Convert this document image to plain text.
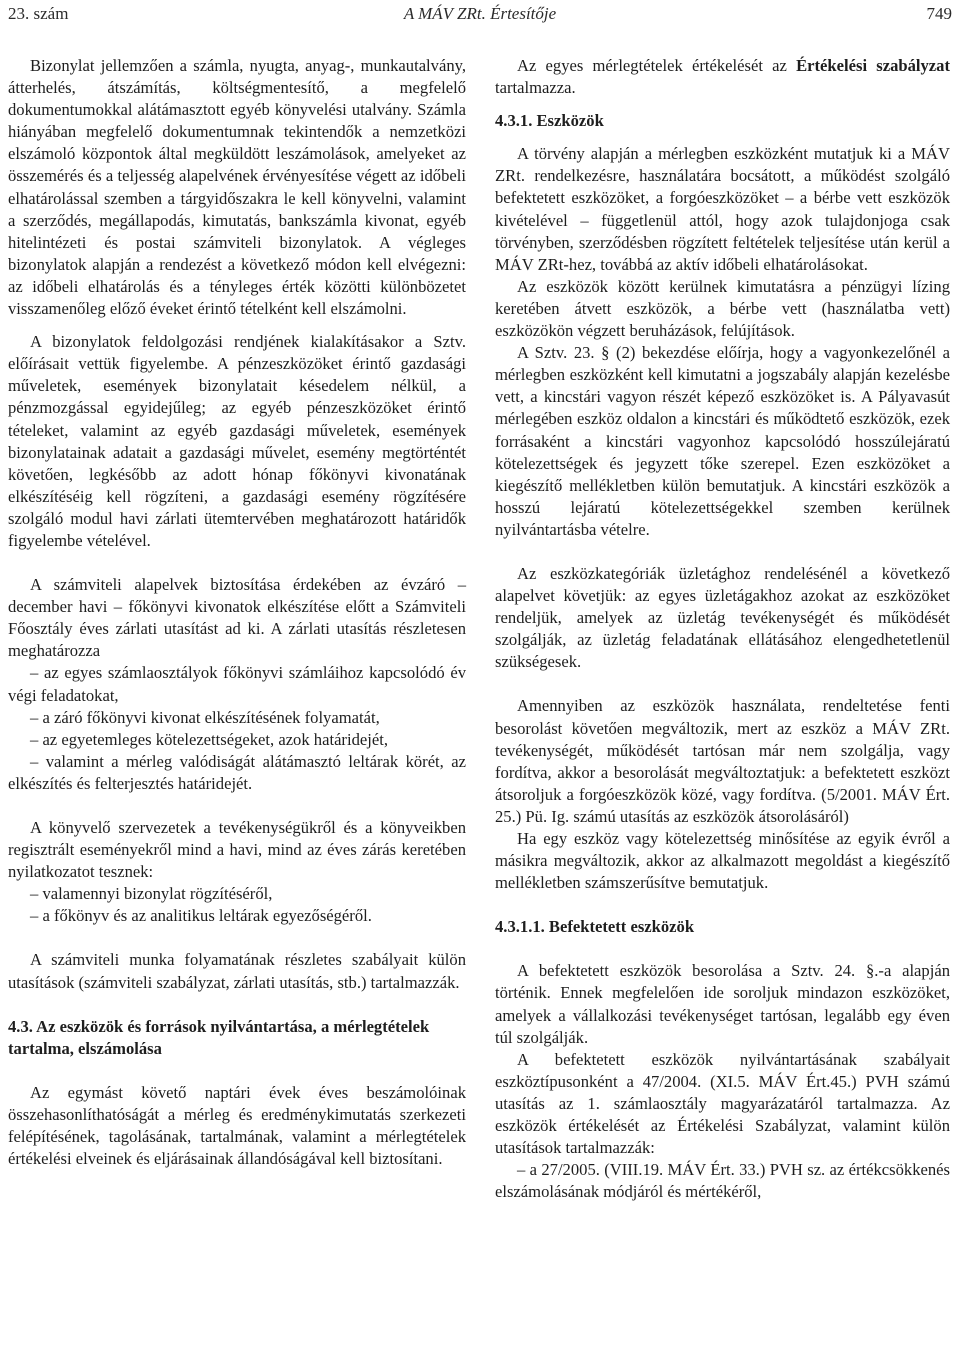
23. szám	A MÁV ZRt. Értesítője	749

Bizonylat jellemzően a számla, nyugta, anyag-, munkautalvány, átterhelés, átszámítás, költségmentesítő, a megfelelő dokumentumokkal alátámasztott egyéb könyvelési utalvány. Számla hiányában megfelelő dokumentumnak tekintendők a nemzetközi elszámoló központok által megküldött leszámolások, amelyeket az összemérés és a teljesség alapelvének érvényesítése végett az időbeli elhatárolással szemben a tárgyidőszakra le kell könyvelni, valamint a szerződés, megállapodás, kimutatás, bankszámla kivonat, egyéb hitelintézeti és postai számviteli bizonylatok. A végleges bizonylatok alapján a rendezést a következő módon kell elvégezni: az időbeli elhatárolás és a tényleges érték közötti különbözetet visszamenőleg előző éveket érintő tételként kell elszámolni.

A bizonylatok feldolgozási rendjének kialakításakor a Sztv. előírásait vettük figyelembe. A pénzeszközöket érintő gazdasági műveletek, események bizonylatait késedelem nélkül, a pénzmozgással egyidejűleg; az egyéb pénzeszközöket érintő tételeket, valamint az egyéb gazdasági műveletek, események bizonylatainak adatait a gazdasági művelet, esemény megtörténtét követően, legkésőbb az adott hónap főkönyvi kivonatának elkészítéséig kell rögzíteni, a gazdasági esemény rögzítésére szolgáló modul havi zárlati ütemtervében meghatározott határidők figyelembe vételével.

A számviteli alapelvek biztosítása érdekében az évzáró – december havi – főkönyvi kivonatok elkészítése előtt a Számviteli Főosztály éves zárlati utasítást ad ki. A zárlati utasítás részletesen meghatározza

– az egyes számlaosztályok főkönyvi számláihoz kapcsolódó év végi feladatokat,

– a záró főkönyvi kivonat elkészítésének folyamatát,

– az egyetemleges kötelezettségeket, azok határidejét,

– valamint a mérleg valódiságát alátámasztó leltárak körét, az elkészítés és felterjesztés határidejét.

A könyvelő szervezetek a tevékenységükről és a könyveikben regisztrált eseményekről mind a havi, mind az éves zárás keretében nyilatkozatot tesznek:

– valamennyi bizonylat rögzítéséről,

– a főkönyv és az analitikus leltárak egyezőségéről.

A számviteli munka folyamatának részletes szabályait külön utasítások (számviteli szabályzat, zárlati utasítás, stb.) tartalmazzák.

4.3. Az eszközök és források nyilvántartása, a mérlegtételek tartalma, elszámolása

Az egymást követő naptári évek éves beszámolóinak összehasonlíthatóságát a mérleg és eredménykimutatás szerkezeti felépítésének, tagolásának, tartalmának, valamint a mérlegtételek értékelési elveinek és eljárásainak állandóságával kell biztosítani.

Az egyes mérlegtételek értékelését az Értékelési szabályzat tartalmazza.

4.3.1. Eszközök

A törvény alapján a mérlegben eszközként mutatjuk ki a MÁV ZRt. rendelkezésre, használatára bocsátott, a működést szolgáló befektetett eszközöket, a forgóeszközöket – a bérbe vett eszközök kivételével – függetlenül attól, hogy azok tulajdonjoga csak törvényben, szerződésben rögzített feltételek teljesítése után kerül a MÁV ZRt-hez, továbbá az aktív időbeli elhatárolásokat.

Az eszközök között kerülnek kimutatásra a pénzügyi lízing keretében átvett eszközök, a bérbe vett (használatba vett) eszközökön végzett beruházások, felújítások.

A Sztv. 23. § (2) bekezdése előírja, hogy a vagyonkezelőnél a mérlegben eszközként kell kimutatni a jogszabály alapján kezelésbe vett, a kincstári vagyon részét képező eszközöket is. A Pályavasút mérlegében eszköz oldalon a kincstári és működtető eszközök, ezek forrásaként a kincstári vagyonhoz kapcsolódó hosszúlejáratú kötelezettségek és jegyzett tőke szerepel. Ezen eszközöket a kiegészítő mellékletben külön bemutatjuk. A kincstári eszközök a hosszú lejáratú kötelezettségekkel szemben kerülnek nyilvántartásba vételre.

Az eszközkategóriák üzletághoz rendelésénél a következő alapelvet követjük: az egyes üzletágakhoz azokat az eszközöket rendeljük, amelyek az üzletág tevékenységét és működését szolgálják, az üzletág feladatának ellátásához elengedhetetlenül szükségesek.

Amennyiben az eszközök használata, rendeltetése fenti besorolást követően megváltozik, mert az eszköz a MÁV ZRt. tevékenységét, működését tartósan már nem szolgálja, vagy fordítva, akkor a besorolását megváltoztatjuk: a befektetett eszközt átsoroljuk a forgóeszközök közé, vagy fordítva. (5/2001. MÁV Ért. 25.) Pü. Ig. számú utasítás az eszközök átsorolásáról)

Ha egy eszköz vagy kötelezettség minősítése az egyik évről a másikra megváltozik, akkor az alkalmazott megoldást a kiegészítő mellékletben számszerűsítve bemutatjuk.

4.3.1.1. Befektetett eszközök

A befektetett eszközök besorolása a Sztv. 24. §.-a alapján történik. Ennek megfelelően ide soroljuk mindazon eszközöket, amelyek a vállalkozási tevékenységet tartósan, legalább egy éven túl szolgálják.

A befektetett eszközök nyilvántartásának szabályait eszköztípusonként a 47/2004. (XI.5. MÁV Ért.45.) PVH számú utasítás az 1. számlaosztály magyarázatáról tartalmazza. Az eszközök értékelését az Értékelési Szabályzat, valamint külön utasítások tartalmazzák:

– a 27/2005. (VIII.19. MÁV Ért. 33.) PVH sz. az értékcsökkenés elszámolásának módjáról és mértékéről,
